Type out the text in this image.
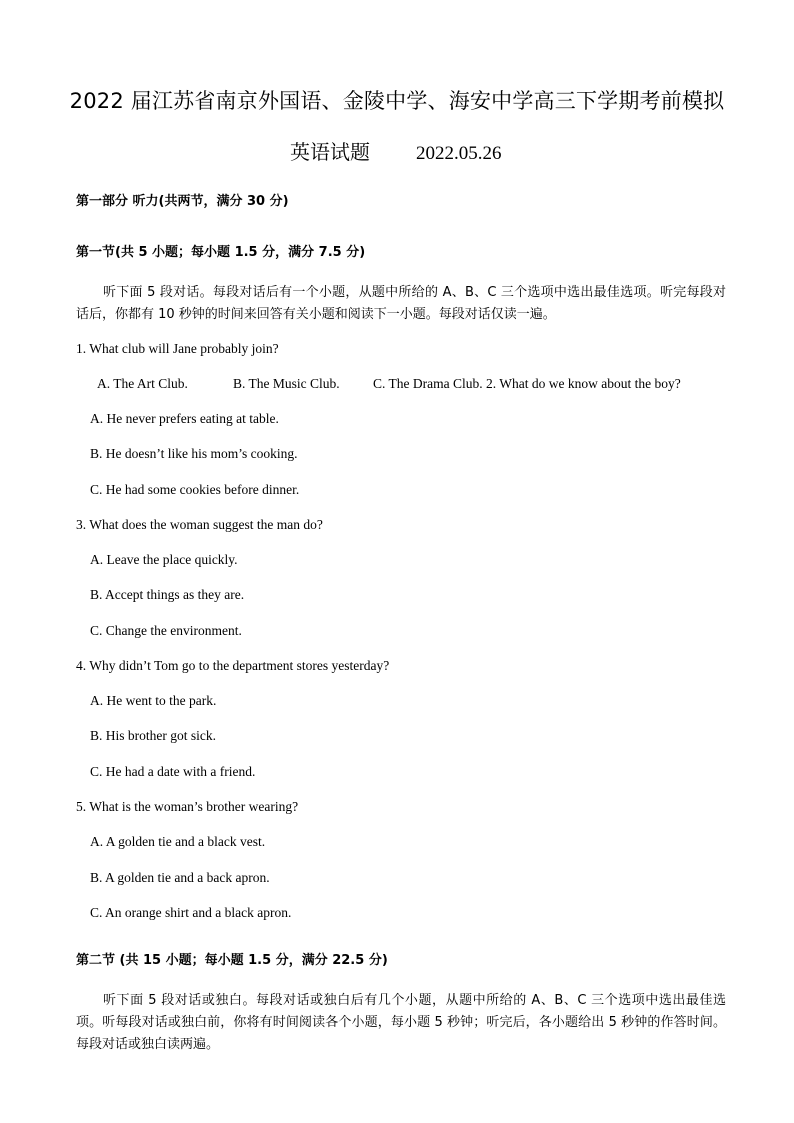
2022 届江苏省南京外国语、金陵中学、海安中学高三下学期考前模拟
英语试题 2022.05.26
第一部分 听力(共两节，满分 30 分)
第一节(共 5 小题；每小题 1.5 分，满分 7.5 分)
听下面 5 段对话。每段对话后有一个小题，从题中所给的 A、B、C 三个选项中选出最佳选项。听完每段对话后，你都有 10 秒钟的时间来回答有关小题和阅读下一小题。每段对话仅读一遍。
1. What club will Jane probably join?
A. The Art Club.	B. The Music Club. C. The Drama Club. 2. What do we know about the boy?
A. He never prefers eating at table.
B. He doesn’t like his mom’s cooking.
C. He had some cookies before dinner.
3. What does the woman suggest the man do?
A. Leave the place quickly.
B. Accept things as they are.
C. Change the environment.
4. Why didn’t Tom go to the department stores yesterday?
A. He went to the park.
B. His brother got sick.
C. He had a date with a friend.
5. What is the woman’s brother wearing?
A. A golden tie and a black vest.
B. A golden tie and a back apron.
C. An orange shirt and a black apron.
第二节 (共 15 小题；每小题 1.5 分，满分 22.5 分)
听下面 5 段对话或独白。每段对话或独白后有几个小题，从题中所给的 A、B、C 三个选项中选出最佳选项。听每段对话或独白前，你将有时间阅读各个小题，每小题 5 秒钟；听完后，各小题给出 5 秒钟的作答时间。每段对话或独白读两遍。
